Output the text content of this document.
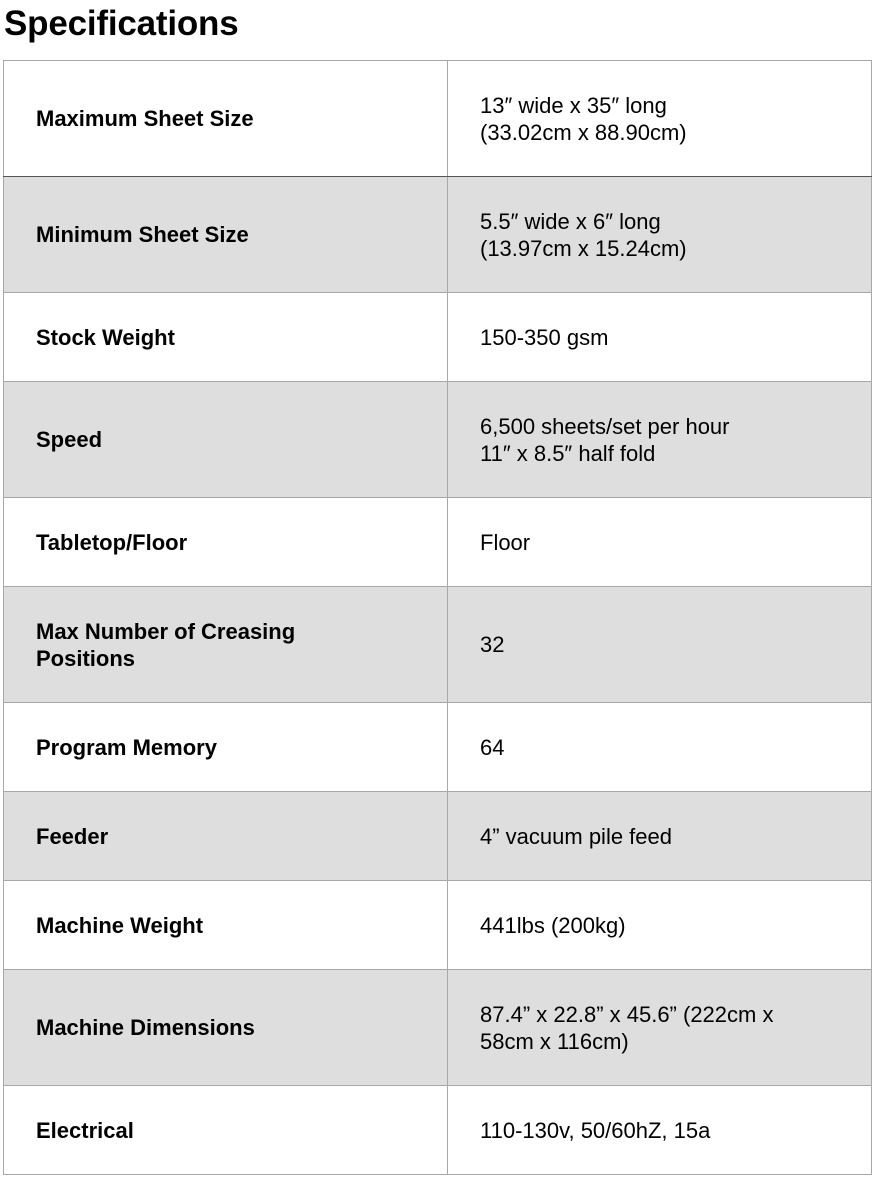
Specifications
Maximum Sheet Size	13″ wide x 35″ long
(33.02cm x 88.90cm)

Minimum Sheet Size	5.5″ wide x 6″ long
(13.97cm x 15.24cm)

Stock Weight	150-350 gsm

Speed	6,500 sheets/set per hour
11″ x 8.5″ half fold

Tabletop/Floor	Floor

Max Number of Creasing
Positions	32

Program Memory	64

Feeder	4” vacuum pile feed

Machine Weight	441lbs (200kg)

Machine Dimensions	87.4” x 22.8” x 45.6” (222cm x
58cm x 116cm)

Electrical	110-130v, 50/60hZ, 15a
